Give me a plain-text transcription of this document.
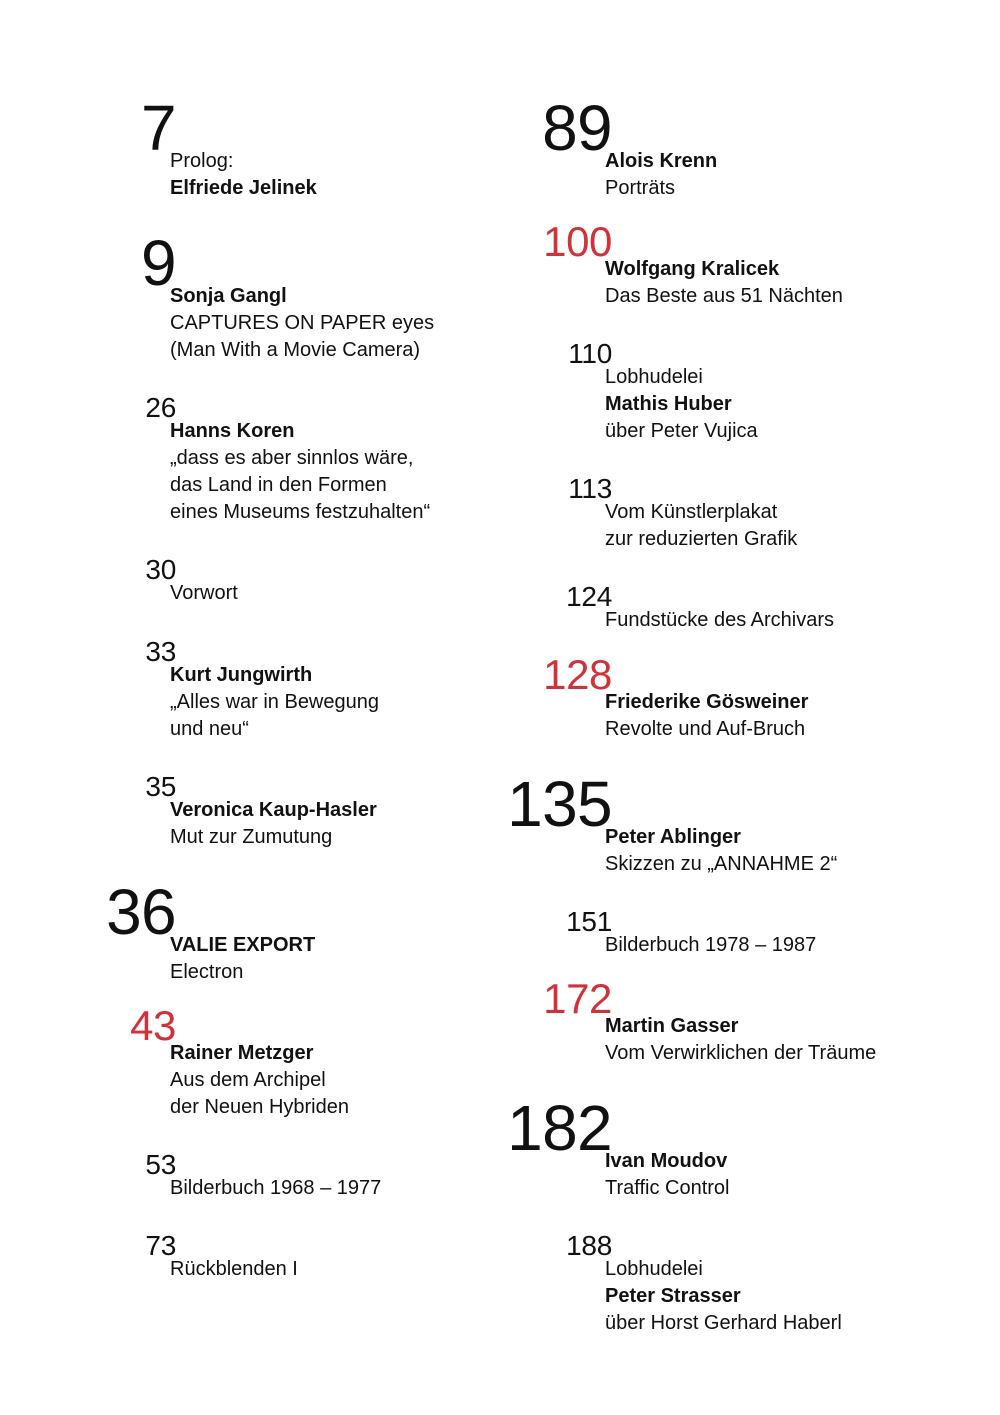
7
Prolog:
Elfriede Jelinek
9
Sonja Gangl
CAPTURES ON PAPER eyes
(Man With a Movie Camera)
26
Hanns Koren
„dass es aber sinnlos wäre,
das Land in den Formen
eines Museums festzuhalten“
30
Vorwort
33
Kurt Jungwirth
„Alles war in Bewegung
und neu“
35
Veronica Kaup-Hasler
Mut zur Zumutung
36
VALIE EXPORT
Electron
43
Rainer Metzger
Aus dem Archipel
der Neuen Hybriden
53
Bilderbuch 1968 – 1977
73
Rückblenden I
89
Alois Krenn
Porträts
100
Wolfgang Kralicek
Das Beste aus 51 Nächten
110
Lobhudelei
Mathis Huber
über Peter Vujica
113
Vom Künstlerplakat
zur reduzierten Grafik
124
Fundstücke des Archivars
128
Friederike Gösweiner
Revolte und Auf-Bruch
135
Peter Ablinger
Skizzen zu „ANNAHME 2“
151
Bilderbuch 1978 – 1987
172
Martin Gasser
Vom Verwirklichen der Träume
182
Ivan Moudov
Traffic Control
188
Lobhudelei
Peter Strasser
über Horst Gerhard Haberl
